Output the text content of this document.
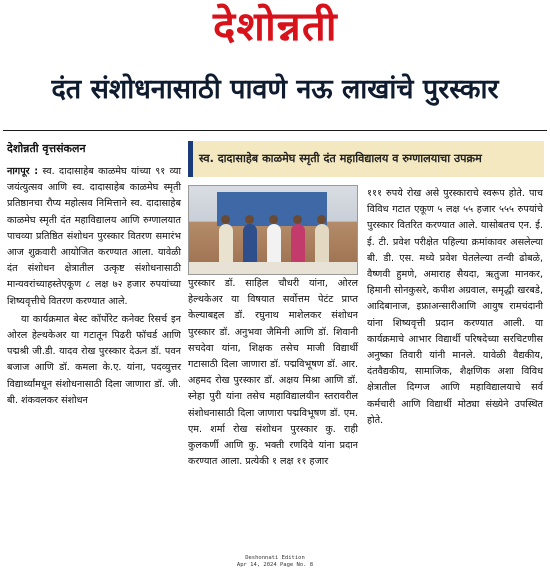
देशोन्नती
दंत संशोधनासाठी पावणे नऊ लाखांचे पुरस्कार
देशोन्नती वृत्तसंकलन
स्व. दादासाहेब काळमेघ स्मृती दंत महाविद्यालय व रुग्णालयाचा उपक्रम

नागपूर : स्व. दादासाहेब काळमेघ यांच्या ९१ व्या जयंत्युत्सव आणि स्व. दादासाहेब काळमेघ स्मृती प्रतिष्ठानचा रौप्य महोत्सव निमित्ताने स्व. दादासाहेब काळमेघ स्मृती दंत महाविद्यालय आणि रुग्णालयात पाचव्या प्रतिष्ठित संशोधन पुरस्कार वितरण समारंभ आज शुक्रवारी आयोजित करण्यात आला. यावेळी दंत संशोधन क्षेत्रातील उत्कृष्ट संशोधनासाठी मान्यवरांच्याहस्तेएकूण ८ लक्ष ७२ हजार रुपयांच्या शिष्यवृत्तीचे वितरण करण्यात आले.

या कार्यक्रमात बेस्ट कॉर्पोरेट कनेक्ट रिसर्च इन ओरल हेल्थकेअर या गटातून पिढरी फॉचर्ड आणि पद्मश्री जी.डी. यादव रोख पुरस्कार देऊन डॉ. पवन बजाज आणि डॉ. कमला के.ए. यांना, पदव्युत्तर विद्यार्थ्यांमधून संशोधनासाठी दिला जाणारा डॉ. जी. बी. शंकवलकर संशोधन

पुरस्कार डॉ. साहिल चौधरी यांना, ओरल हेल्थकेअर या विषयात सर्वोत्तम पेटंट प्राप्त केल्याबद्दल डॉ. रघुनाथ माशेलकर संशोधन पुरस्कार डॉ. अनुभवा जैमिनी आणि डॉ. शिवानी सचदेवा यांना, शिक्षक तसेच माजी विद्यार्थी गटासाठी दिला जाणारा डॉ. पद्मविभूषण डॉ. आर. अहमद रोख पुरस्कार डॉ. अक्षय मिश्रा आणि डॉ. स्नेहा पुरी यांना तसेच महाविद्यालयीन स्तरावरील संशोधनासाठी दिला जाणारा पद्मविभूषण डॉ. एम. एम. शर्मा रोख संशोधन पुरस्कार कु. राही कुलकर्णी आणि कु. भक्ती रणदिवे यांना प्रदान करण्यात आला. प्रत्येकी १ लक्ष ११ हजार

१११ रुपये रोख असे पुरस्काराचे स्वरूप होते. पाच विविध गटात एकूण ५ लक्ष ५५ हजार ५५५ रुपयांचे पुरस्कार वितरित करण्यात आले. यासोबतच एन. ई. ई. टी. प्रवेश परीक्षेत पहिल्या क्रमांकावर असलेल्या बी. डी. एस. मध्ये प्रवेश घेतलेल्या तन्वी ढोबळे, वैष्णवी हुमणे, अमाराह सैयदा, ऋतुजा मानकर, हिमानी सोनकुसरे, कपीश अग्रवाल, समृद्धी खरबडे, आदिबानाज, इफ्राअन्सारीआणि आयुष रामचंदानी यांना शिष्यवृत्ती प्रदान करण्यात आली. या कार्यक्रमाचे आभार विद्यार्थी परिषदेच्या सरचिटणीस अनुष्का तिवारी यांनी मानले. यावेळी वैद्यकीय, दंतवैद्यकीय, सामाजिक, शैक्षणिक अशा विविध क्षेत्रातील दिग्गज आणि महाविद्यालयाचे सर्व कर्मचारी आणि विद्यार्थी मोठ्या संख्येने उपस्थित होते.

Deshonnati Edition
Apr 14, 2024 Page No. 8
